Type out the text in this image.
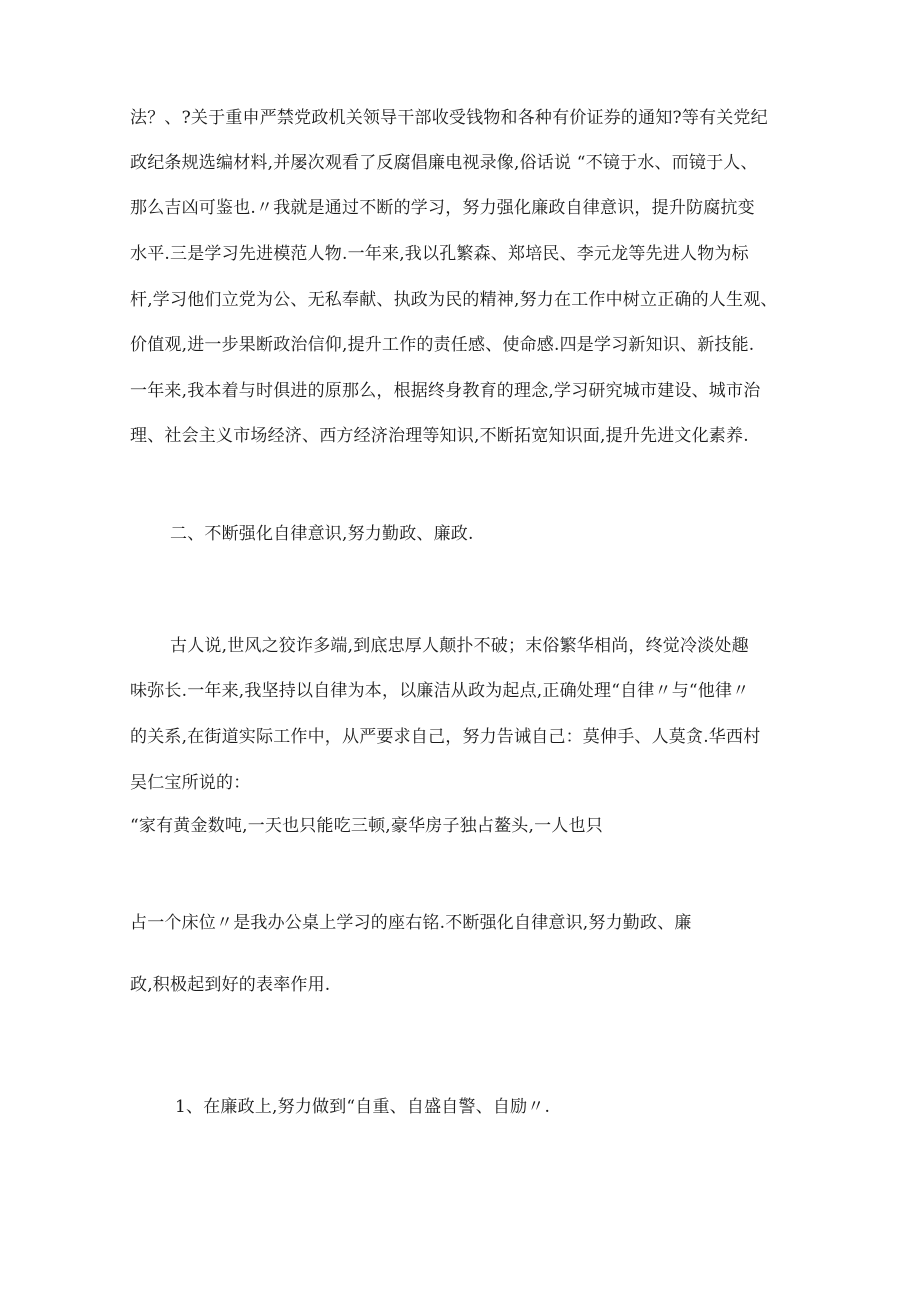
法？、?关于重申严禁党政机关领导干部收受钱物和各种有价证券的通知?等有关党纪
政纪条规选编材料,并屡次观看了反腐倡廉电视录像,俗话说 “不镜于水、而镜于人、
那么吉凶可鉴也.〃我就是通过不断的学习，努力强化廉政自律意识，提升防腐抗变
水平.三是学习先进模范人物.一年来,我以孔繁森、郑培民、李元龙等先进人物为标
杆,学习他们立党为公、无私奉献、执政为民的精神,努力在工作中树立正确的人生观、
价值观,进一步果断政治信仰,提升工作的责任感、使命感.四是学习新知识、新技能.
一年来,我本着与时俱进的原那么，根据终身教育的理念,学习研究城市建设、城市治
理、社会主义市场经济、西方经济治理等知识,不断拓宽知识面,提升先进文化素养.
二、不断强化自律意识,努力勤政、廉政.
古人说,世风之狡诈多端,到底忠厚人颠扑不破；末俗繁华相尚，终觉冷淡处趣
味弥长.一年来,我坚持以自律为本，以廉洁从政为起点,正确处理“自律〃与“他律〃
的关系,在街道实际工作中，从严要求自己，努力告诫自己：莫伸手、人莫贪.华西村
吴仁宝所说的：
“家有黄金数吨,一天也只能吃三顿,豪华房子独占鳌头,一人也只
占一个床位〃是我办公桌上学习的座右铭.不断强化自律意识,努力勤政、廉
政,积极起到好的表率作用.
1、在廉政上,努力做到“自重、自盛自警、自励〃.
